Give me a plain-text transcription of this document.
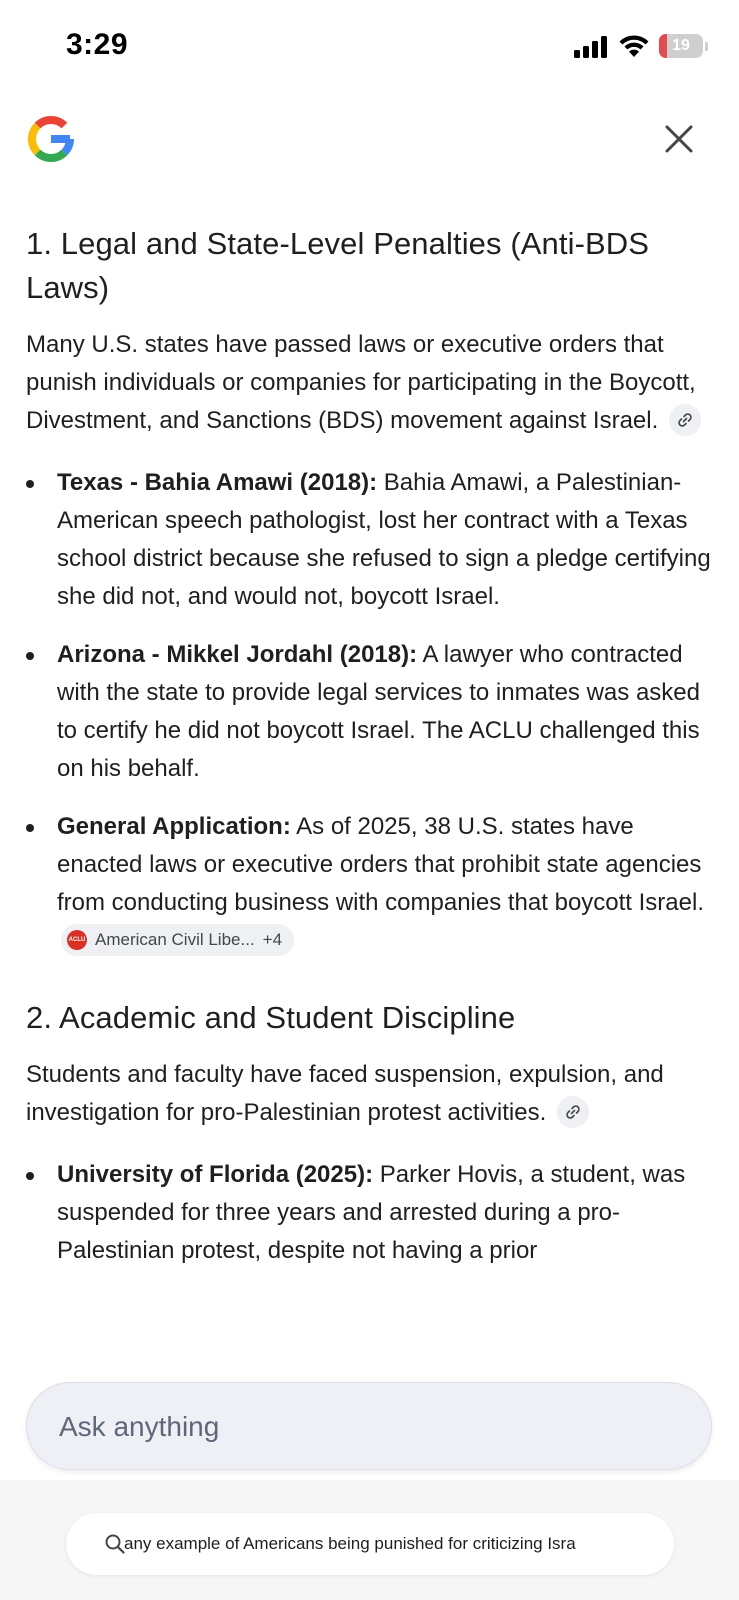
3:29	19
1. Legal and State-Level Penalties (Anti-BDS Laws)

Many U.S. states have passed laws or executive orders that punish individuals or companies for participating in the Boycott, Divestment, and Sanctions (BDS) movement against Israel.

Texas - Bahia Amawi (2018): Bahia Amawi, a Palestinian-American speech pathologist, lost her contract with a Texas school district because she refused to sign a pledge certifying she did not, and would not, boycott Israel.
Arizona - Mikkel Jordahl (2018): A lawyer who contracted with the state to provide legal services to inmates was asked to certify he did not boycott Israel. The ACLU challenged this on his behalf.
General Application: As of 2025, 38 U.S. states have enacted laws or executive orders that prohibit state agencies from conducting business with companies that boycott Israel.
ACLU American Civil Libe... +4
2. Academic and Student Discipline

Students and faculty have faced suspension, expulsion, and investigation for pro-Palestinian protest activities.

University of Florida (2025): Parker Hovis, a student, was suspended for three years and arrested during a pro-Palestinian protest, despite not having a prior
Ask anything
any example of Americans being punished for criticizing Isra
